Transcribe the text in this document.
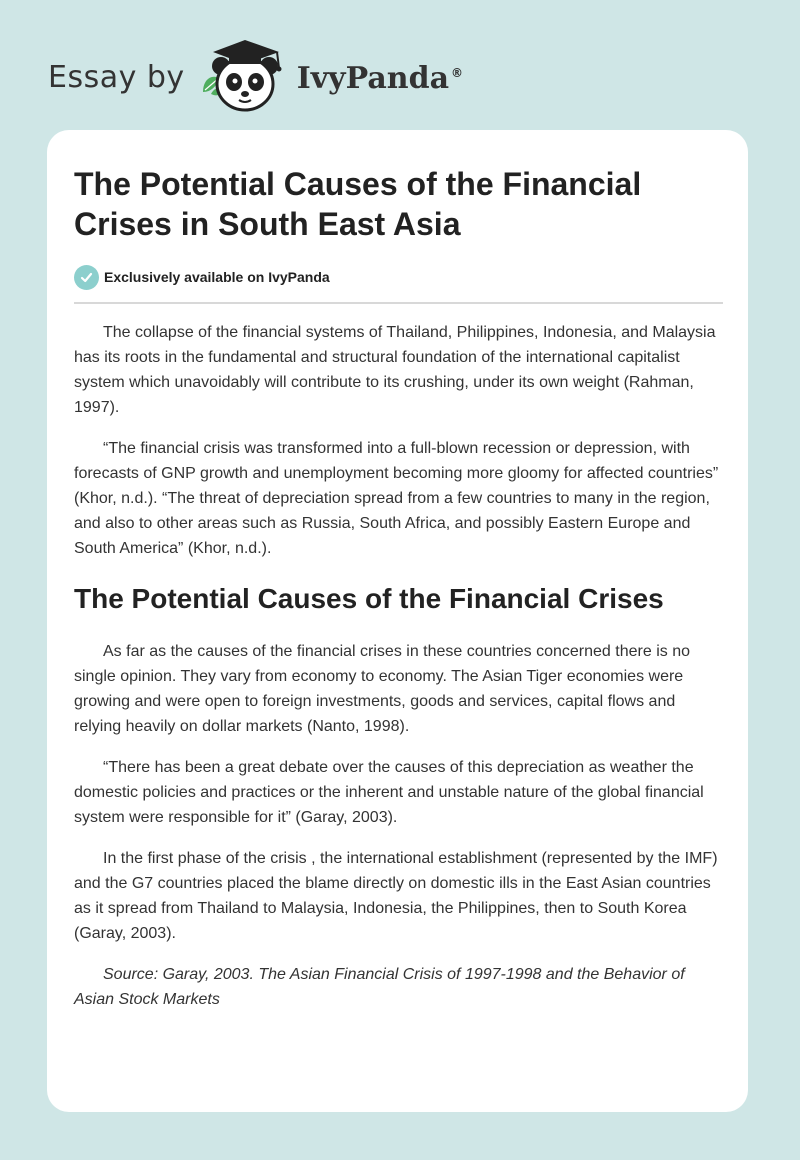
Essay by	IvyPanda ®
The Potential Causes of the Financial Crises in South East Asia
Exclusively available on IvyPanda

The collapse of the financial systems of Thailand, Philippines, Indonesia, and Malaysia has its roots in the fundamental and structural foundation of the international capitalist system which unavoidably will contribute to its crushing, under its own weight (Rahman, 1997).

“The financial crisis was transformed into a full-blown recession or depression, with forecasts of GNP growth and unemployment becoming more gloomy for affected countries” (Khor, n.d.). “The threat of depreciation spread from a few countries to many in the region, and also to other areas such as Russia, South Africa, and possibly Eastern Europe and South America” (Khor, n.d.).

The Potential Causes of the Financial Crises

As far as the causes of the financial crises in these countries concerned there is no single opinion. They vary from economy to economy. The Asian Tiger economies were growing and were open to foreign investments, goods and services, capital flows and relying heavily on dollar markets (Nanto, 1998).

“There has been a great debate over the causes of this depreciation as weather the domestic policies and practices or the inherent and unstable nature of the global financial system were responsible for it” (Garay, 2003).

In the first phase of the crisis , the international establishment (represented by the IMF) and the G7 countries placed the blame directly on domestic ills in the East Asian countries as it spread from Thailand to Malaysia, Indonesia, the Philippines, then to South Korea (Garay, 2003).

Source: Garay, 2003. The Asian Financial Crisis of 1997-1998 and the Behavior of Asian Stock Markets
